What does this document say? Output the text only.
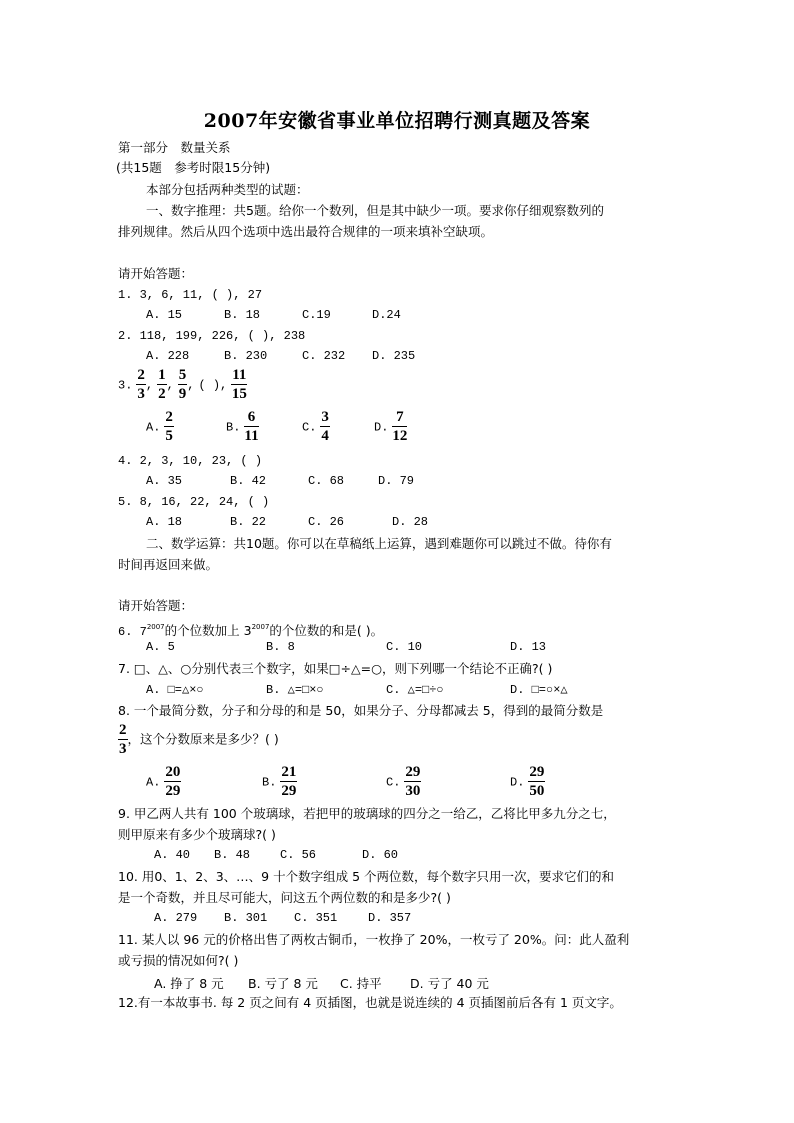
2007年安徽省事业单位招聘行测真题及答案
第一部分　数量关系
(共15题　参考时限15分钟)
本部分包括两种类型的试题：
一、数字推理：共5题。给你一个数列，但是其中缺少一项。要求你仔细观察数列的
排列规律。然后从四个选项中选出最符合规律的一项来填补空缺项。
请开始答题：
1. 3, 6, 11, ( ), 27
A. 15	B. 18	C.19	D.24
2. 118, 199, 226, ( ), 238
A. 228	B. 230	C. 232 D. 235
3. $\frac{2}{3}$ , $\frac{1}{2}$ , $\frac{5}{9}$ , ( ), $\frac{11}{15}$
A. $\frac{2}{5}$	B. $\frac{6}{11}$	C. $\frac{3}{4}$	D. $\frac{7}{12}$
4. 2, 3, 10, 23, ( )
A. 35	B. 42	C. 68	D. 79
5. 8, 16, 22, 24, ( )
A. 18	B. 22	C. 26	D. 28
二、数学运算：共10题。你可以在草稿纸上运算，遇到难题你可以跳过不做。待你有
时间再返回来做。
请开始答题：
6. $7^{2007}$的个位数加上 $3^{2007}$的个位数的和是( )。
A. 5	B. 8	C. 10	D. 13
7. □、△、○分别代表三个数字，如果□÷△=○，则下列哪一个结论不正确?( )
A. □=△×○	B. △=□×○	C. △=□÷○	D. □=○×△
8. 一个最简分数，分子和分母的和是 50，如果分子、分母都减去 5，得到的最简分数是
$\frac{2}{3}$ ，这个分数原来是多少？( )
A. $\frac{20}{29}$	B. $\frac{21}{29}$	C. $\frac{29}{30}$	D. $\frac{29}{50}$
9. 甲乙两人共有 100 个玻璃球，若把甲的玻璃球的四分之一给乙，乙将比甲多九分之七，
则甲原来有多少个玻璃球?( )
A. 40 B. 48 C. 56	D. 60
10. 用0、1、2、3、…、9 十个数字组成 5 个两位数，每个数字只用一次，要求它们的和
是一个奇数，并且尽可能大，问这五个两位数的和是多少?( )
A. 279 B. 301 C. 351	D. 357
11. 某人以 96 元的价格出售了两枚古铜币，一枚挣了 20%，一枚亏了 20%。问：此人盈利
或亏损的情况如何?( )
A. 挣了 8 元 B. 亏了 8 元 C. 持平 D. 亏了 40 元
12.有一本故事书. 每 2 页之间有 4 页插图，也就是说连续的 4 页插图前后各有 1 页文字。
